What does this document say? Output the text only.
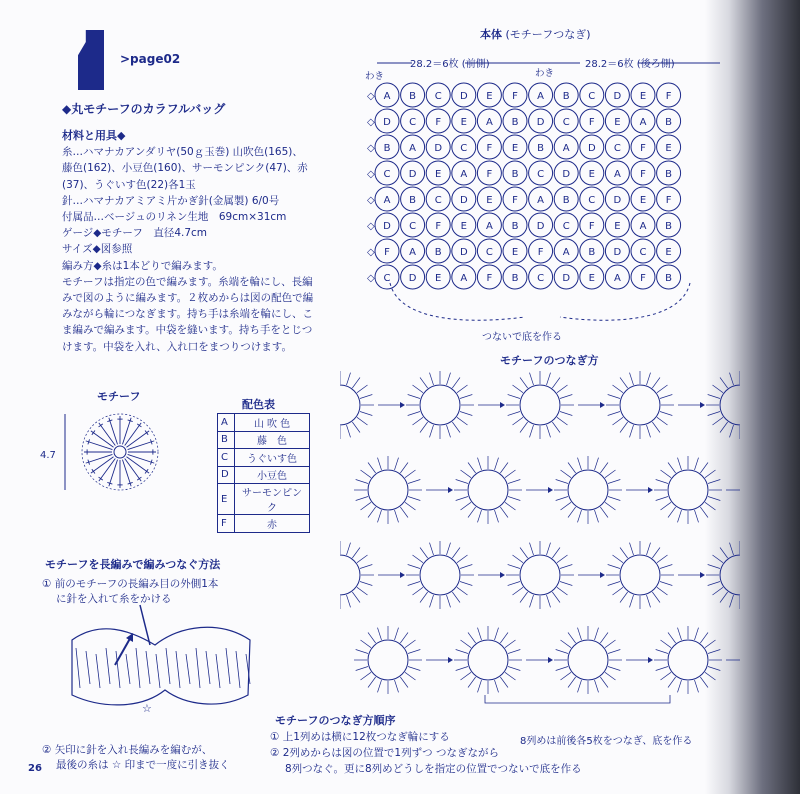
>page02
◆丸モチーフのカラフルバッグ
材料と用具◆
糸…ハマナカアンダリヤ(50ｇ玉巻) 山吹色(165)、
藤色(162)、小豆色(160)、サーモンピンク(47)、赤
(37)、うぐいす色(22)各1玉
針…ハマナカアミアミ片かぎ針(金属製) 6/0号
付属品…ベージュのリネン生地　69cm×31cm
ゲージ◆モチーフ　直径4.7cm
サイズ◆図参照
編み方◆糸は1本どりで編みます。
モチーフは指定の色で編みます。糸端を輪にし、長編
みで図のように編みます。２枚めからは図の配色で編
みながら輪につなぎます。持ち手は糸端を輪にし、こ
ま編みで編みます。中袋を縫います。持ち手をとじつ
けます。中袋を入れ、入れ口をまつりつけます。
モチーフ
4.7
配色表
A	山 吹 色
B	藤　色
C	うぐいす色
D	小豆色
E	サーモンピンク
F	赤
モチーフを長編みで編みつなぐ方法
① 前のモチーフの長編み目の外側1本
に針を入れて糸をかける
☆
② 矢印に針を入れ長編みを編むが、
最後の糸は ☆ 印まで一度に引き抜く
26
本体 (モチーフつなぎ)
28.2＝6枚 (前側)	28.2＝6枚 (後ろ側)
わき	わき
A B C D E F A B C D E F
◇
D C F E A B D C F E A B
◇
B A D C F E B A D C F E
◇
C D E A F B C D E A F B
◇
A B C D E F A B C D E F
◇
D C F E A B D C F E A B
◇
F A B D C E F A B D C E
◇
C D E A F B C D E A F B
◇
つないで底を作る
モチーフのつなぎ方
8列めは前後各5枚をつなぎ、底を作る
モチーフのつなぎ方順序
① 上1列めは横に12枚つなぎ輪にする
② 2列めからは図の位置で1列ずつ つなぎながら
8列つなぐ。更に8列めどうしを指定の位置でつないで底を作る
